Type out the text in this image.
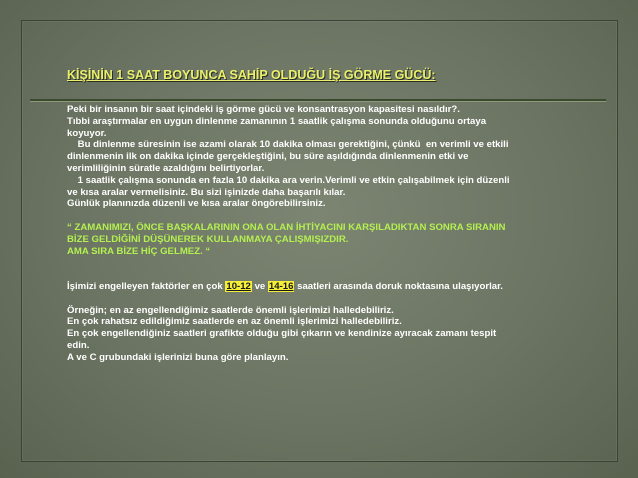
KİŞİNİN 1 SAAT BOYUNCA SAHİP OLDUĞU İŞ GÖRME GÜCÜ:

Peki bir insanın bir saat içindeki iş görme gücü ve konsantrasyon kapasitesi nasıldır?.

Tıbbi araştırmalar en uygun dinlenme zamanının 1 saatlik çalışma sonunda olduğunu ortaya

koyuyor.

Bu dinlenme süresinin ise azami olarak 10 dakika olması gerektiğini, çünkü  en verimli ve etkili

dinlenmenin ilk on dakika içinde gerçekleştiğini, bu süre aşıldığında dinlenmenin etki ve

verimliliğinin süratle azaldığını belirtiyorlar.

1 saatlik çalışma sonunda en fazla 10 dakika ara verin.Verimli ve etkin çalışabilmek için düzenli

ve kısa aralar vermelisiniz. Bu sizi işinizde daha başarılı kılar.

Günlük planınızda düzenli ve kısa aralar öngörebilirsiniz.

“ ZAMANIMIZI, ÖNCE BAŞKALARININ ONA OLAN İHTİYACINI KARŞILADIKTAN SONRA SIRANIN

BİZE GELDİĞİNİ DÜŞÜNEREK KULLANMAYA ÇALIŞMIŞIZDIR.

AMA SIRA BİZE HİÇ GELMEZ. “

İşimizi engelleyen faktörler en çok 10-12 ve 14-16 saatleri arasında doruk noktasına ulaşıyorlar.

Örneğin; en az engellendiğimiz saatlerde önemli işlerimizi halledebiliriz.

En çok rahatsız edildiğimiz saatlerde en az önemli işlerimizi halledebiliriz.

En çok engellendiğiniz saatleri grafikte olduğu gibi çıkarın ve kendinize ayıracak zamanı tespit

edin.

A ve C grubundaki işlerinizi buna göre planlayın.
